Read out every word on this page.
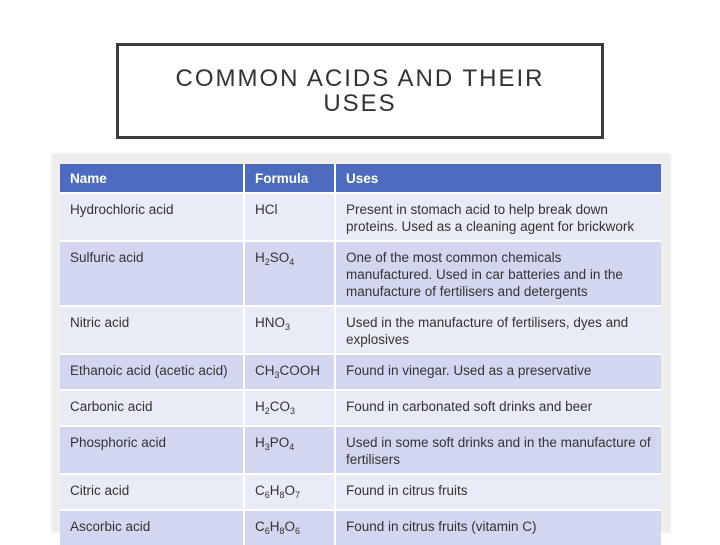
COMMON ACIDS AND THEIR
USES
Name	Formula	Uses
Hydrochloric acid	HCl	Present in stomach acid to help break down proteins. Used as a cleaning agent for brickwork
Sulfuric acid	$H_2SO_4$	One of the most common chemicals manufactured. Used in car batteries and in the manufacture of fertilisers and detergents
Nitric acid	$HNO_3$	Used in the manufacture of fertilisers, dyes and explosives
Ethanoic acid (acetic acid)	$CH_3COOH$	Found in vinegar. Used as a preservative
Carbonic acid	$H_2CO_3$	Found in carbonated soft drinks and beer
Phosphoric acid	$H_3PO_4$	Used in some soft drinks and in the manufacture of fertilisers
Citric acid	$C_6H_8O_7$	Found in citrus fruits
Ascorbic acid	$C_6H_8O_6$	Found in citrus fruits (vitamin C)
